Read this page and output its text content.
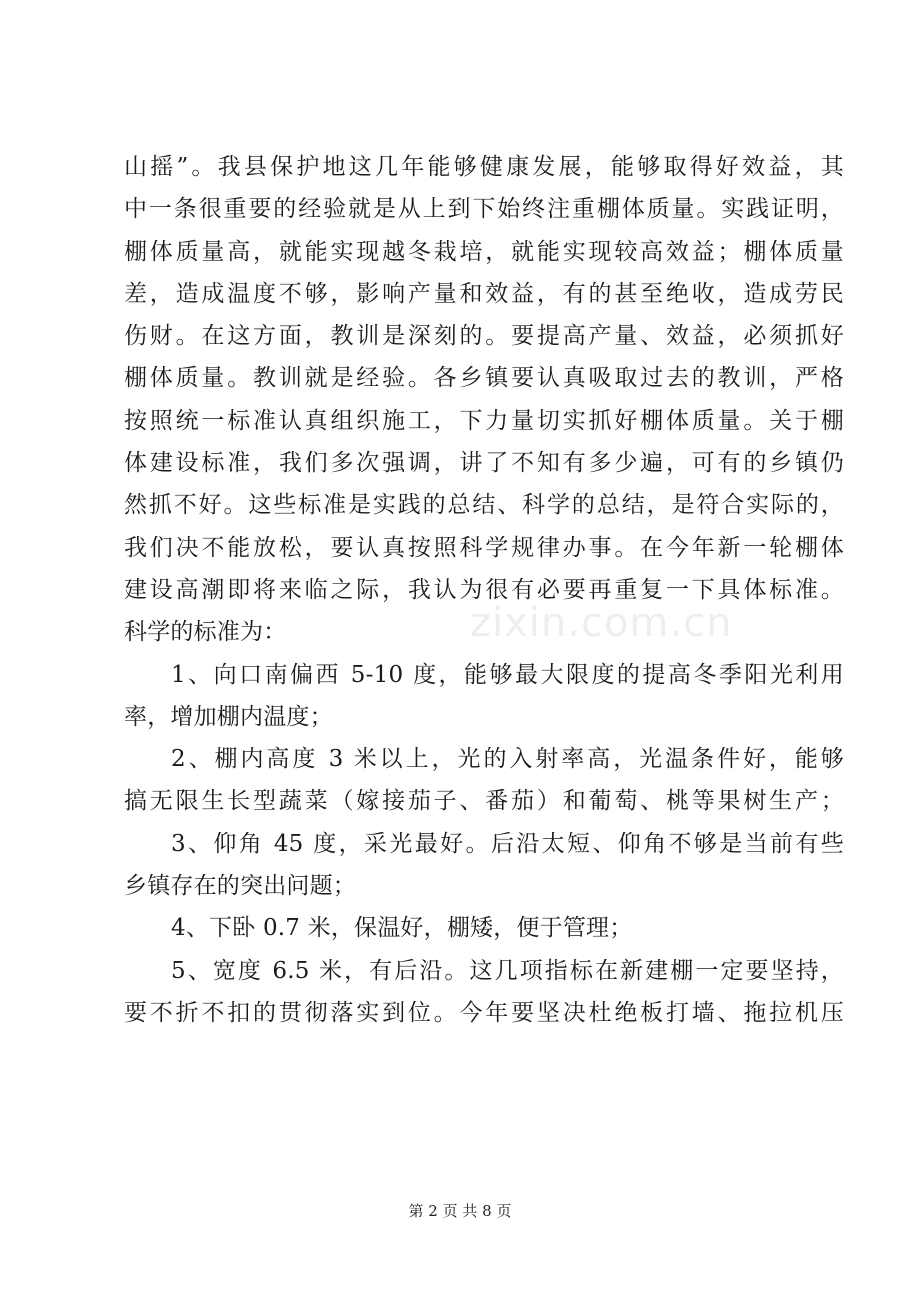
山摇”。我县保护地这几年能够健康发展，能够取得好效益，其
中一条很重要的经验就是从上到下始终注重棚体质量。实践证明，
棚体质量高，就能实现越冬栽培，就能实现较高效益；棚体质量
差，造成温度不够，影响产量和效益，有的甚至绝收，造成劳民
伤财。在这方面，教训是深刻的。要提高产量、效益，必须抓好
棚体质量。教训就是经验。各乡镇要认真吸取过去的教训，严格
按照统一标准认真组织施工，下力量切实抓好棚体质量。关于棚
体建设标准，我们多次强调，讲了不知有多少遍，可有的乡镇仍
然抓不好。这些标准是实践的总结、科学的总结，是符合实际的，
我们决不能放松，要认真按照科学规律办事。在今年新一轮棚体
建设高潮即将来临之际，我认为很有必要再重复一下具体标准。
科学的标准为：
1、向口南偏西 5-10 度，能够最大限度的提高冬季阳光利用
率，增加棚内温度；
2、棚内高度 3 米以上，光的入射率高，光温条件好，能够
搞无限生长型蔬菜（嫁接茄子、番茄）和葡萄、桃等果树生产；
3、仰角 45 度，采光最好。后沿太短、仰角不够是当前有些
乡镇存在的突出问题；
4、下卧 0.7 米，保温好，棚矮，便于管理；
5、宽度 6.5 米，有后沿。这几项指标在新建棚一定要坚持，
要不折不扣的贯彻落实到位。今年要坚决杜绝板打墙、拖拉机压
zixin.com.cn
第 2 页 共 8 页
